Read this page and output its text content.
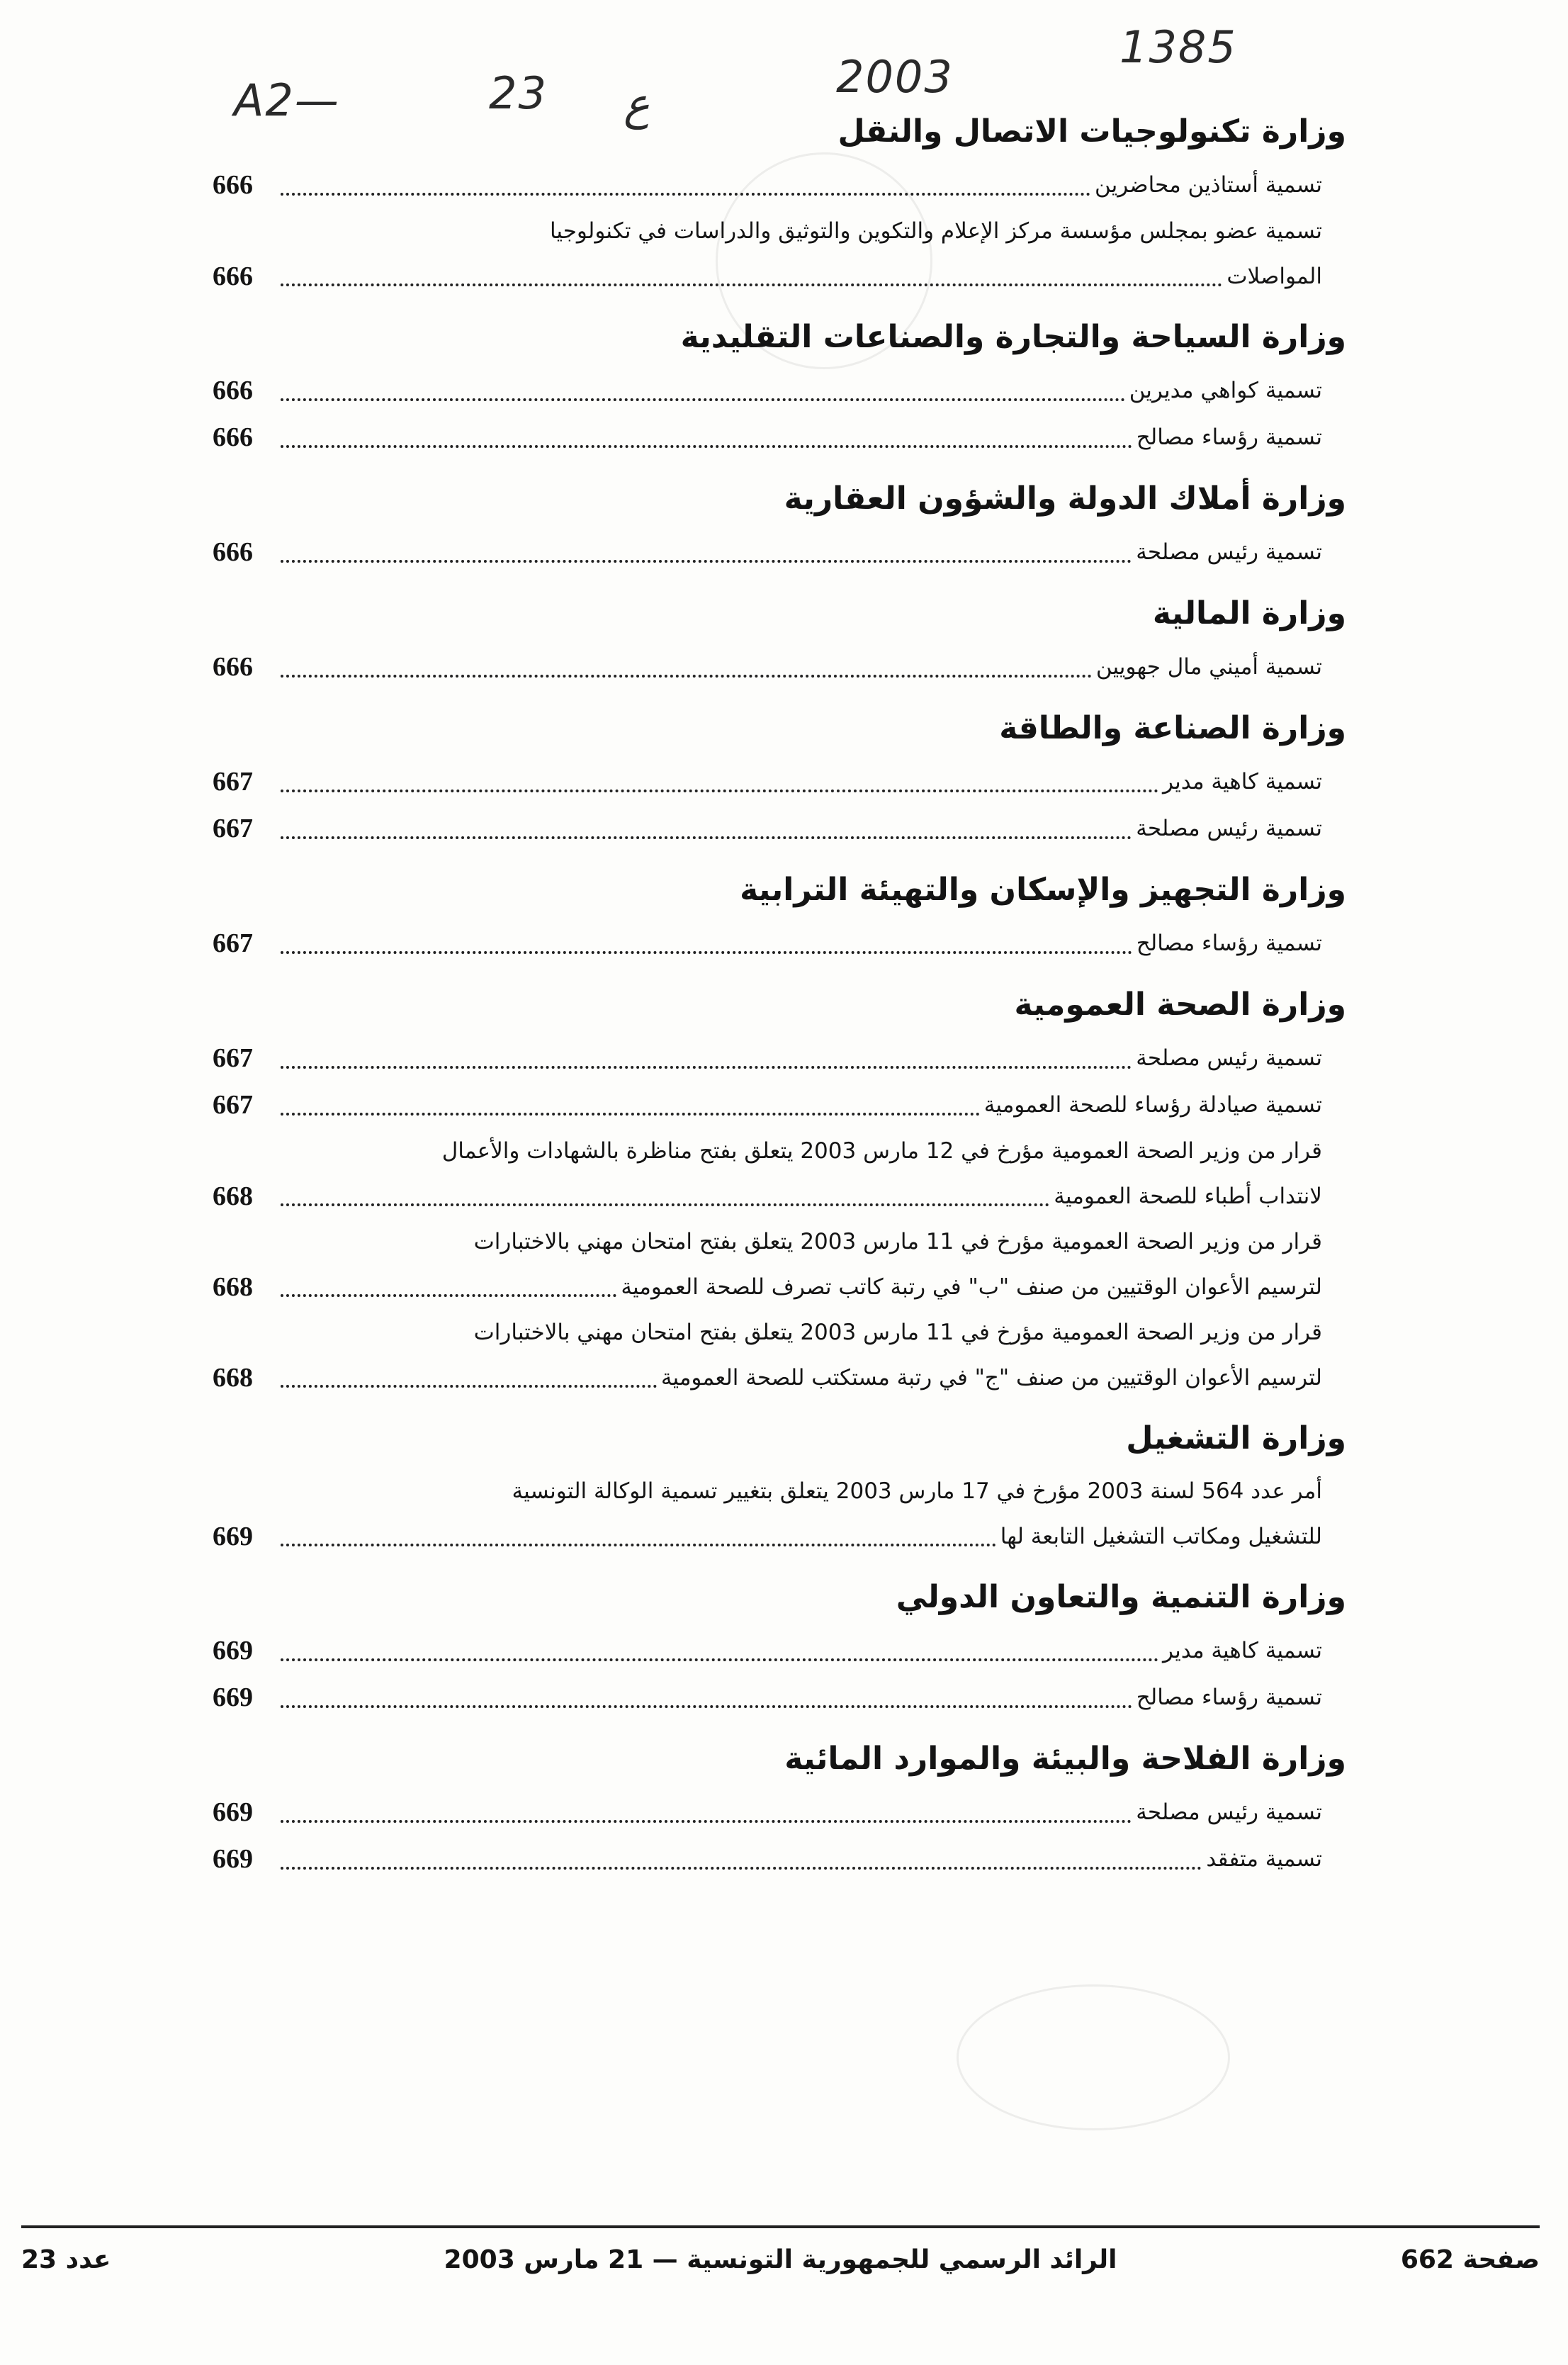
A2—	23 ع
2003
1385
وزارة تكنولوجيات الاتصال والنقل
تسمية أستاذين محاضرين
666
تسمية عضو بمجلس مؤسسة مركز الإعلام والتكوين والتوثيق والدراسات في تكنولوجيا
المواصلات
666
وزارة السياحة والتجارة والصناعات التقليدية
تسمية كواهي مديرين
666
تسمية رؤساء مصالح
666
وزارة أملاك الدولة والشؤون العقارية
تسمية رئيس مصلحة
666
وزارة المالية
تسمية أميني مال جهويين
666
وزارة الصناعة والطاقة
تسمية كاهية مدير
667
تسمية رئيس مصلحة
667
وزارة التجهيز والإسكان والتهيئة الترابية
تسمية رؤساء مصالح
667
وزارة الصحة العمومية
تسمية رئيس مصلحة
667
تسمية صيادلة رؤساء للصحة العمومية
667
قرار من وزير الصحة العمومية مؤرخ في 12 مارس 2003 يتعلق بفتح مناظرة بالشهادات والأعمال
لانتداب أطباء للصحة العمومية
668
قرار من وزير الصحة العمومية مؤرخ في 11 مارس 2003 يتعلق بفتح امتحان مهني بالاختبارات
لترسيم الأعوان الوقتيين من صنف "ب" في رتبة كاتب تصرف للصحة العمومية
668
قرار من وزير الصحة العمومية مؤرخ في 11 مارس 2003 يتعلق بفتح امتحان مهني بالاختبارات
لترسيم الأعوان الوقتيين من صنف "ج" في رتبة مستكتب للصحة العمومية
668
وزارة التشغيل
أمر عدد 564 لسنة 2003 مؤرخ في 17 مارس 2003 يتعلق بتغيير تسمية الوكالة التونسية
للتشغيل ومكاتب التشغيل التابعة لها
669
وزارة التنمية والتعاون الدولي
تسمية كاهية مدير
669
تسمية رؤساء مصالح
669
وزارة الفلاحة والبيئة والموارد المائية
تسمية رئيس مصلحة
669
تسمية متفقد
669
صفحة 662
الرائد الرسمي للجمهورية التونسية — 21 مارس 2003
عدد 23
